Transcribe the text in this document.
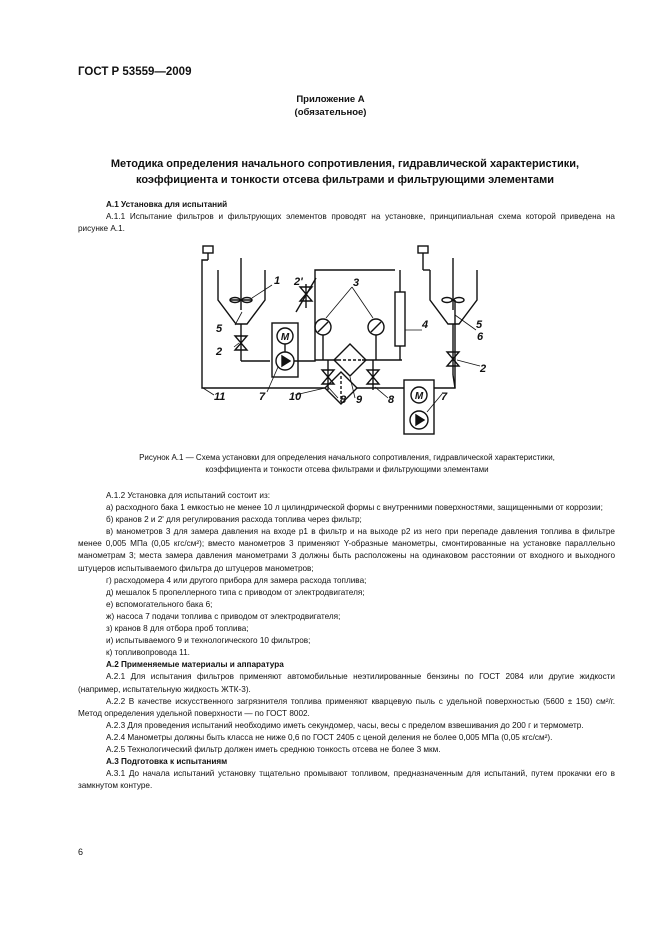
ГОСТ Р 53559—2009
Приложение А
(обязательное)
Методика определения начального сопротивления, гидравлической характеристики,
коэффициента и тонкости отсева фильтрами и фильтрующими элементами

А.1 Установка для испытаний

А.1.1 Испытание фильтров и фильтрующих элементов проводят на установке, принципиальная схема которой приведена на рисунке А.1.

М
М
1 2'	3
4	5
6
2
5
2
7
11	10	8 9 8	7
Рисунок А.1 — Схема установки для определения начального сопротивления, гидравлической характеристики,
коэффициента и тонкости отсева фильтрами и фильтрующими элементами

А.1.2 Установка для испытаний состоит из:

а) расходного бака 1 емкостью не менее 10 л цилиндрической формы с внутренними поверхностями, защищенными от коррозии;

б) кранов 2 и 2' для регулирования расхода топлива через фильтр;

в) манометров 3 для замера давления на входе p1 в фильтр и на выходе p2 из него при перепаде давления топлива в фильтре менее 0,005 МПа (0,05 кгс/см²); вместо манометров 3 применяют Y-образные манометры, смонтированные на установке параллельно манометрам 3; места замера давления манометрами 3 должны быть расположены на одинаковом расстоянии от входного и выходного штуцеров испытываемого фильтра до штуцеров манометров;

г) расходомера 4 или другого прибора для замера расхода топлива;

д) мешалок 5 пропеллерного типа с приводом от электродвигателя;

е) вспомогательного бака 6;

ж) насоса 7 подачи топлива с приводом от электродвигателя;

з) кранов 8 для отбора проб топлива;

и) испытываемого 9 и технологического 10 фильтров;

к) топливопровода 11.

А.2 Применяемые материалы и аппаратура

А.2.1 Для испытания фильтров применяют автомобильные неэтилированные бензины по ГОСТ 2084 или другие жидкости (например, испытательную жидкость ЖТК-3).

А.2.2 В качестве искусственного загрязнителя топлива применяют кварцевую пыль с удельной поверхностью (5600 ± 150) см²/г. Метод определения удельной поверхности — по ГОСТ 8002.

А.2.3 Для проведения испытаний необходимо иметь секундомер, часы, весы с пределом взвешивания до 200 г и термометр.

А.2.4 Манометры должны быть класса не ниже 0,6 по ГОСТ 2405 с ценой деления не более 0,005 МПа (0,05 кгс/см²).

А.2.5 Технологический фильтр должен иметь среднюю тонкость отсева не более 3 мкм.

А.3 Подготовка к испытаниям

А.3.1 До начала испытаний установку тщательно промывают топливом, предназначенным для испытаний, путем прокачки его в замкнутом контуре.

6
